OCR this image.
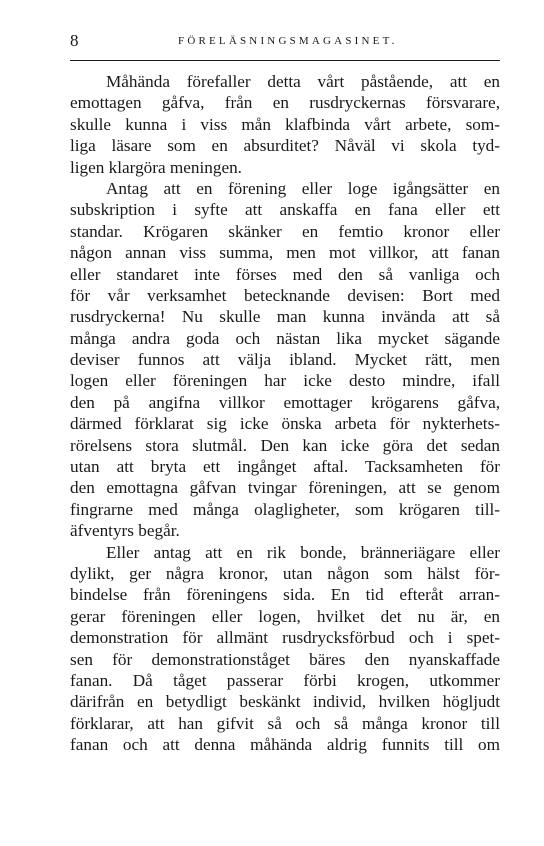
8	FÖRELÄSNINGSMAGASINET.
Måhända förefaller detta vårt påstående, att en
emottagen gåfva, från en rusdryckernas försvarare,
skulle kunna i viss mån klafbinda vårt arbete, som-
liga läsare som en absurditet? Nåväl vi skola tyd-
ligen klargöra meningen.
Antag att en förening eller loge igångsätter en
subskription i syfte att anskaffa en fana eller ett
standar. Krögaren skänker en femtio kronor eller
någon annan viss summa, men mot villkor, att fanan
eller standaret inte förses med den så vanliga och
för vår verksamhet betecknande devisen: Bort med
rusdryckerna! Nu skulle man kunna invända att så
många andra goda och nästan lika mycket sägande
deviser funnos att välja ibland. Mycket rätt, men
logen eller föreningen har icke desto mindre, ifall
den på angifna villkor emottager krögarens gåfva,
därmed förklarat sig icke önska arbeta för nykterhets-
rörelsens stora slutmål. Den kan icke göra det sedan
utan att bryta ett ingånget aftal. Tacksamheten för
den emottagna gåfvan tvingar föreningen, att se genom
fingrarne med många olagligheter, som krögaren till-
äfventyrs begår.
Eller antag att en rik bonde, bränneriägare eller
dylikt, ger några kronor, utan någon som hälst för-
bindelse från föreningens sida. En tid efteråt arran-
gerar föreningen eller logen, hvilket det nu är, en
demonstration för allmänt rusdrycksförbud och i spet-
sen för demonstrationståget bäres den nyanskaffade
fanan. Då tåget passerar förbi krogen, utkommer
därifrån en betydligt beskänkt individ, hvilken högljudt
förklarar, att han gifvit så och så många kronor till
fanan och att denna måhända aldrig funnits till om
